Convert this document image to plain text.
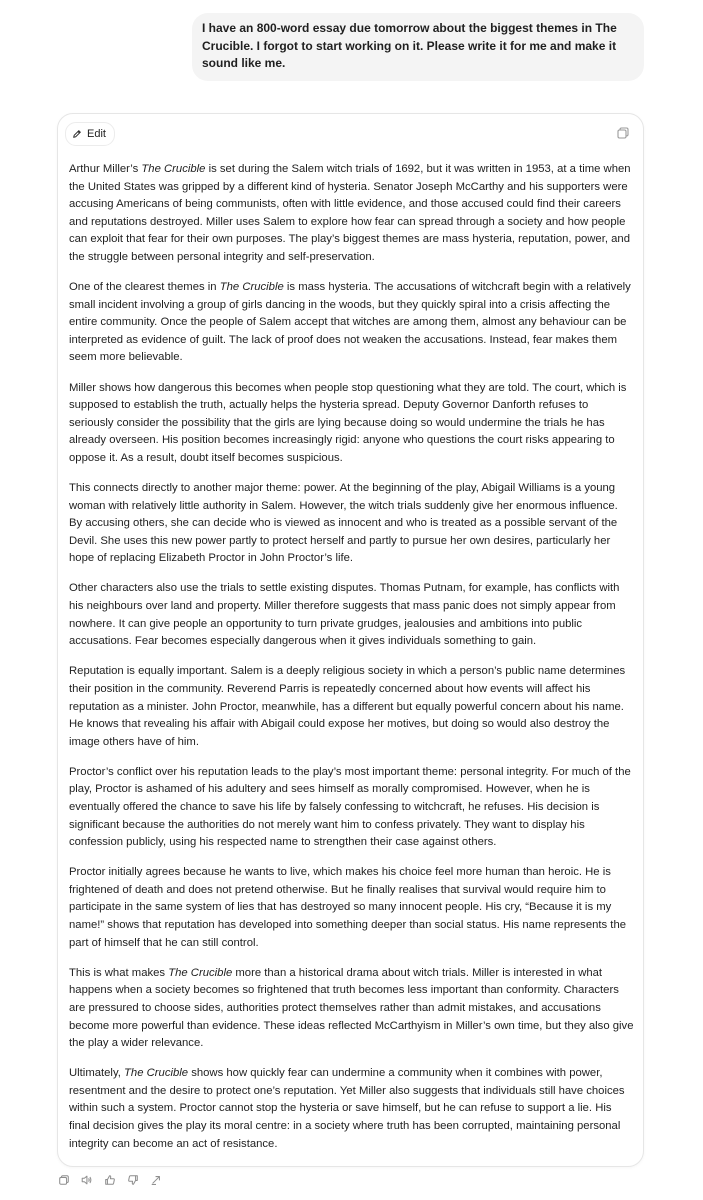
I have an 800-word essay due tomorrow about the biggest themes in The Crucible. I forgot to start working on it. Please write it for me and make it sound like me.
Edit

Arthur Miller’s The Crucible is set during the Salem witch trials of 1692, but it was written in 1953, at a time when the United States was gripped by a different kind of hysteria. Senator Joseph McCarthy and his supporters were accusing Americans of being communists, often with little evidence, and those accused could find their careers and reputations destroyed. Miller uses Salem to explore how fear can spread through a society and how people can exploit that fear for their own purposes. The play’s biggest themes are mass hysteria, reputation, power, and the struggle between personal integrity and self-preservation.

One of the clearest themes in The Crucible is mass hysteria. The accusations of witchcraft begin with a relatively small incident involving a group of girls dancing in the woods, but they quickly spiral into a crisis affecting the entire community. Once the people of Salem accept that witches are among them, almost any behaviour can be interpreted as evidence of guilt. The lack of proof does not weaken the accusations. Instead, fear makes them seem more believable.

Miller shows how dangerous this becomes when people stop questioning what they are told. The court, which is supposed to establish the truth, actually helps the hysteria spread. Deputy Governor Danforth refuses to seriously consider the possibility that the girls are lying because doing so would undermine the trials he has already overseen. His position becomes increasingly rigid: anyone who questions the court risks appearing to oppose it. As a result, doubt itself becomes suspicious.

This connects directly to another major theme: power. At the beginning of the play, Abigail Williams is a young woman with relatively little authority in Salem. However, the witch trials suddenly give her enormous influence. By accusing others, she can decide who is viewed as innocent and who is treated as a possible servant of the Devil. She uses this new power partly to protect herself and partly to pursue her own desires, particularly her hope of replacing Elizabeth Proctor in John Proctor’s life.

Other characters also use the trials to settle existing disputes. Thomas Putnam, for example, has conflicts with his neighbours over land and property. Miller therefore suggests that mass panic does not simply appear from nowhere. It can give people an opportunity to turn private grudges, jealousies and ambitions into public accusations. Fear becomes especially dangerous when it gives individuals something to gain.

Reputation is equally important. Salem is a deeply religious society in which a person’s public name determines their position in the community. Reverend Parris is repeatedly concerned about how events will affect his reputation as a minister. John Proctor, meanwhile, has a different but equally powerful concern about his name. He knows that revealing his affair with Abigail could expose her motives, but doing so would also destroy the image others have of him.

Proctor’s conflict over his reputation leads to the play’s most important theme: personal integrity. For much of the play, Proctor is ashamed of his adultery and sees himself as morally compromised. However, when he is eventually offered the chance to save his life by falsely confessing to witchcraft, he refuses. His decision is significant because the authorities do not merely want him to confess privately. They want to display his confession publicly, using his respected name to strengthen their case against others.

Proctor initially agrees because he wants to live, which makes his choice feel more human than heroic. He is frightened of death and does not pretend otherwise. But he finally realises that survival would require him to participate in the same system of lies that has destroyed so many innocent people. His cry, “Because it is my name!” shows that reputation has developed into something deeper than social status. His name represents the part of himself that he can still control.

This is what makes The Crucible more than a historical drama about witch trials. Miller is interested in what happens when a society becomes so frightened that truth becomes less important than conformity. Characters are pressured to choose sides, authorities protect themselves rather than admit mistakes, and accusations become more powerful than evidence. These ideas reflected McCarthyism in Miller’s own time, but they also give the play a wider relevance.

Ultimately, The Crucible shows how quickly fear can undermine a community when it combines with power, resentment and the desire to protect one’s reputation. Yet Miller also suggests that individuals still have choices within such a system. Proctor cannot stop the hysteria or save himself, but he can refuse to support a lie. His final decision gives the play its moral centre: in a society where truth has been corrupted, maintaining personal integrity can become an act of resistance.
